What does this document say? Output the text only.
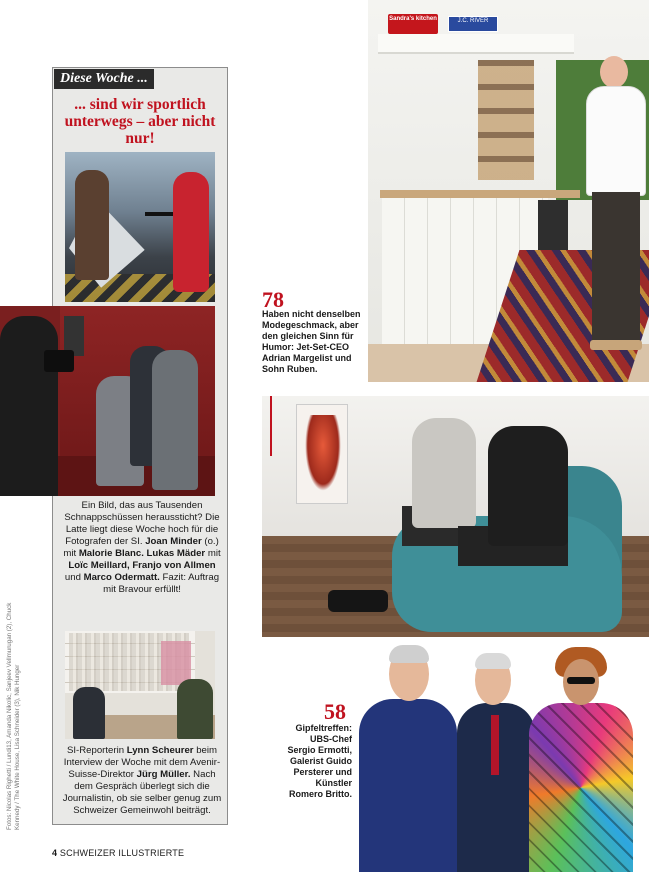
Diese Woche ...
... sind wir sportlich unterwegs – aber nicht nur!
Ein Bild, das aus Tausenden Schnappschüssen heraussticht? Die Latte liegt diese Woche hoch für die Fotografen der SI. Joan Minder (o.) mit Malorie Blanc. Lukas Mäder mit Loïc Meillard, Franjo von Allmen und Marco Odermatt. Fazit: Auftrag mit Bravour erfüllt!
SI-Reporterin Lynn Scheurer beim Interview der Woche mit dem Avenir-Suisse-Direktor Jürg Müller. Nach dem Gespräch überlegt sich die Journalistin, ob sie selber genug zum Schweizer Gemeinwohl beiträgt.
Fotos: Nicolas Righetti / Lundi13, Amanda Nikolic, Sanjeev Vellmurugan (2), Chuck Kennedy / The White House, Lisa Schneider (3), Nik Hunger
4 SCHWEIZER ILLUSTRIERTE
Sandra's kitchen	J.C. RIVER
78
Haben nicht denselben Modegeschmack, aber den gleichen Sinn für Humor: Jet-Set-CEO Adrian Margelist und Sohn Ruben.
58
Gipfeltreffen: UBS-Chef Sergio Ermotti, Galerist Guido Persterer und Künstler Romero Britto.
